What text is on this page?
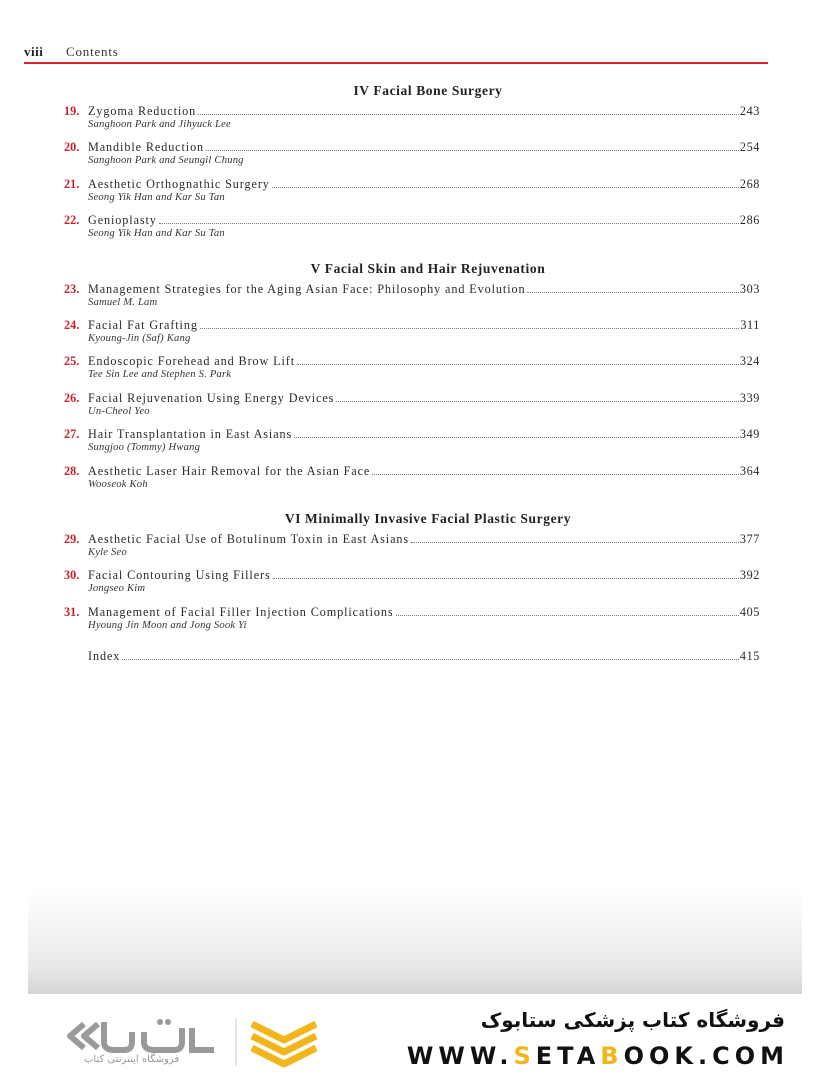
viii Contents
IV Facial Bone Surgery
19. Zygoma Reduction	243
Sanghoon Park and Jihyuck Lee
20. Mandible Reduction	254
Sanghoon Park and Seungil Chung
21. Aesthetic Orthognathic Surgery	268
Seong Yik Han and Kar Su Tan
22. Genioplasty	286
Seong Yik Han and Kar Su Tan
V Facial Skin and Hair Rejuvenation
23. Management Strategies for the Aging Asian Face: Philosophy and Evolution	303
Samuel M. Lam
24. Facial Fat Grafting	311
Kyoung-Jin (Saf) Kang
25. Endoscopic Forehead and Brow Lift	324
Tee Sin Lee and Stephen S. Park
26. Facial Rejuvenation Using Energy Devices	339
Un-Cheol Yeo
27. Hair Transplantation in East Asians	349
Sungjoo (Tommy) Hwang
28. Aesthetic Laser Hair Removal for the Asian Face	364
Wooseok Koh
VI Minimally Invasive Facial Plastic Surgery
29. Aesthetic Facial Use of Botulinum Toxin in East Asians	377
Kyle Seo
30. Facial Contouring Using Fillers	392
Jongseo Kim
31. Management of Facial Filler Injection Complications	405
Hyoung Jin Moon and Jong Sook Yi
Index	415
فروشگاه اینترنتی کتاب
فروشگاه کتاب پزشکی ستابوک
WWW.SETABOOK.COM
